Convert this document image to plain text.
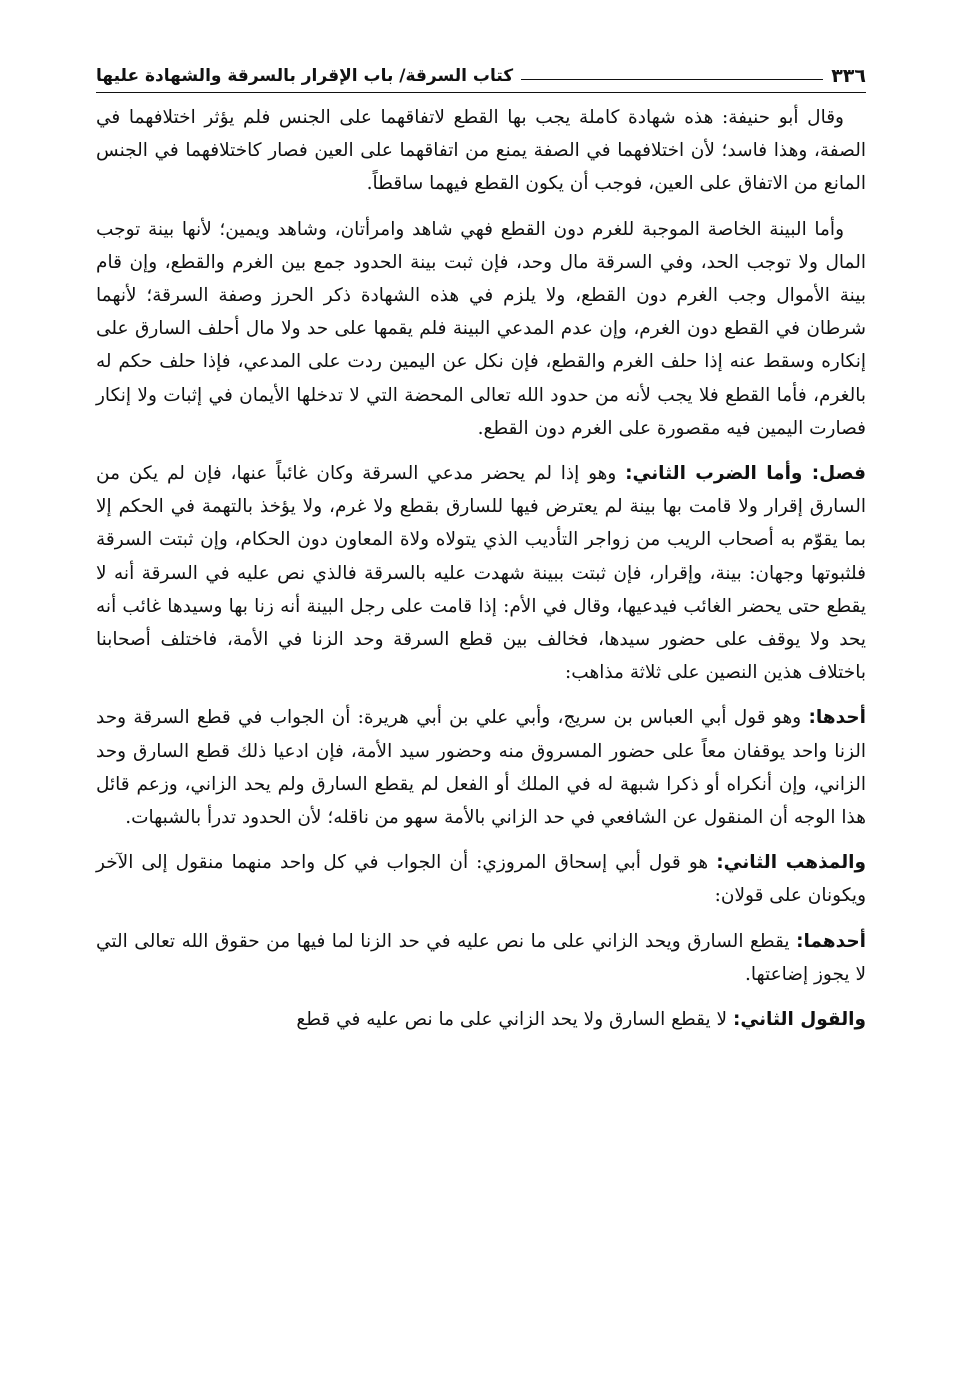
٣٣٦
كتاب السرقة/ باب الإقرار بالسرقة والشهادة عليها

وقال أبو حنيفة: هذه شهادة كاملة يجب بها القطع لاتفاقهما على الجنس فلم يؤثر اختلافهما في الصفة، وهذا فاسد؛ لأن اختلافهما في الصفة يمنع من اتفاقهما على العين فصار كاختلافهما في الجنس المانع من الاتفاق على العين، فوجب أن يكون القطع فيهما ساقطاً.

وأما البينة الخاصة الموجبة للغرم دون القطع فهي شاهد وامرأتان، وشاهد ويمين؛ لأنها بينة توجب المال ولا توجب الحد، وفي السرقة مال وحد، فإن ثبت بينة الحدود جمع بين الغرم والقطع، وإن قام بينة الأموال وجب الغرم دون القطع، ولا يلزم في هذه الشهادة ذكر الحرز وصفة السرقة؛ لأنهما شرطان في القطع دون الغرم، وإن عدم المدعي البينة فلم يقمها على حد ولا مال أحلف السارق على إنكاره وسقط عنه إذا حلف الغرم والقطع، فإن نكل عن اليمين ردت على المدعي، فإذا حلف حكم له بالغرم، فأما القطع فلا يجب لأنه من حدود الله تعالى المحضة التي لا تدخلها الأيمان في إثبات ولا إنكار فصارت اليمين فيه مقصورة على الغرم دون القطع.

فصل: وأما الضرب الثاني: وهو إذا لم يحضر مدعي السرقة وكان غائباً عنها، فإن لم يكن من السارق إقرار ولا قامت بها بينة لم يعترض فيها للسارق بقطع ولا غرم، ولا يؤخذ بالتهمة في الحكم إلا بما يقوّم به أصحاب الريب من زواجر التأديب الذي يتولاه ولاة المعاون دون الحكام، وإن ثبتت السرقة فلثبوتها وجهان: بينة، وإقرار، فإن ثبتت ببينة شهدت عليه بالسرقة فالذي نص عليه في السرقة أنه لا يقطع حتى يحضر الغائب فيدعيها، وقال في الأم: إذا قامت على رجل البينة أنه زنا بها وسيدها غائب أنه يحد ولا يوقف على حضور سيدها، فخالف بين قطع السرقة وحد الزنا في الأمة، فاختلف أصحابنا باختلاف هذين النصين على ثلاثة مذاهب:

أحدها: وهو قول أبي العباس بن سريج، وأبي علي بن أبي هريرة: أن الجواب في قطع السرقة وحد الزنا واحد يوقفان معاً على حضور المسروق منه وحضور سيد الأمة، فإن ادعيا ذلك قطع السارق وحد الزاني، وإن أنكراه أو ذكرا شبهة له في الملك أو الفعل لم يقطع السارق ولم يحد الزاني، وزعم قائل هذا الوجه أن المنقول عن الشافعي في حد الزاني بالأمة سهو من ناقله؛ لأن الحدود تدرأ بالشبهات.

والمذهب الثاني: هو قول أبي إسحاق المروزي: أن الجواب في كل واحد منهما منقول إلى الآخر ويكونان على قولان:

أحدهما: يقطع السارق ويحد الزاني على ما نص عليه في حد الزنا لما فيها من حقوق الله تعالى التي لا يجوز إضاعتها.

والقول الثاني: لا يقطع السارق ولا يحد الزاني على ما نص عليه في قطع
